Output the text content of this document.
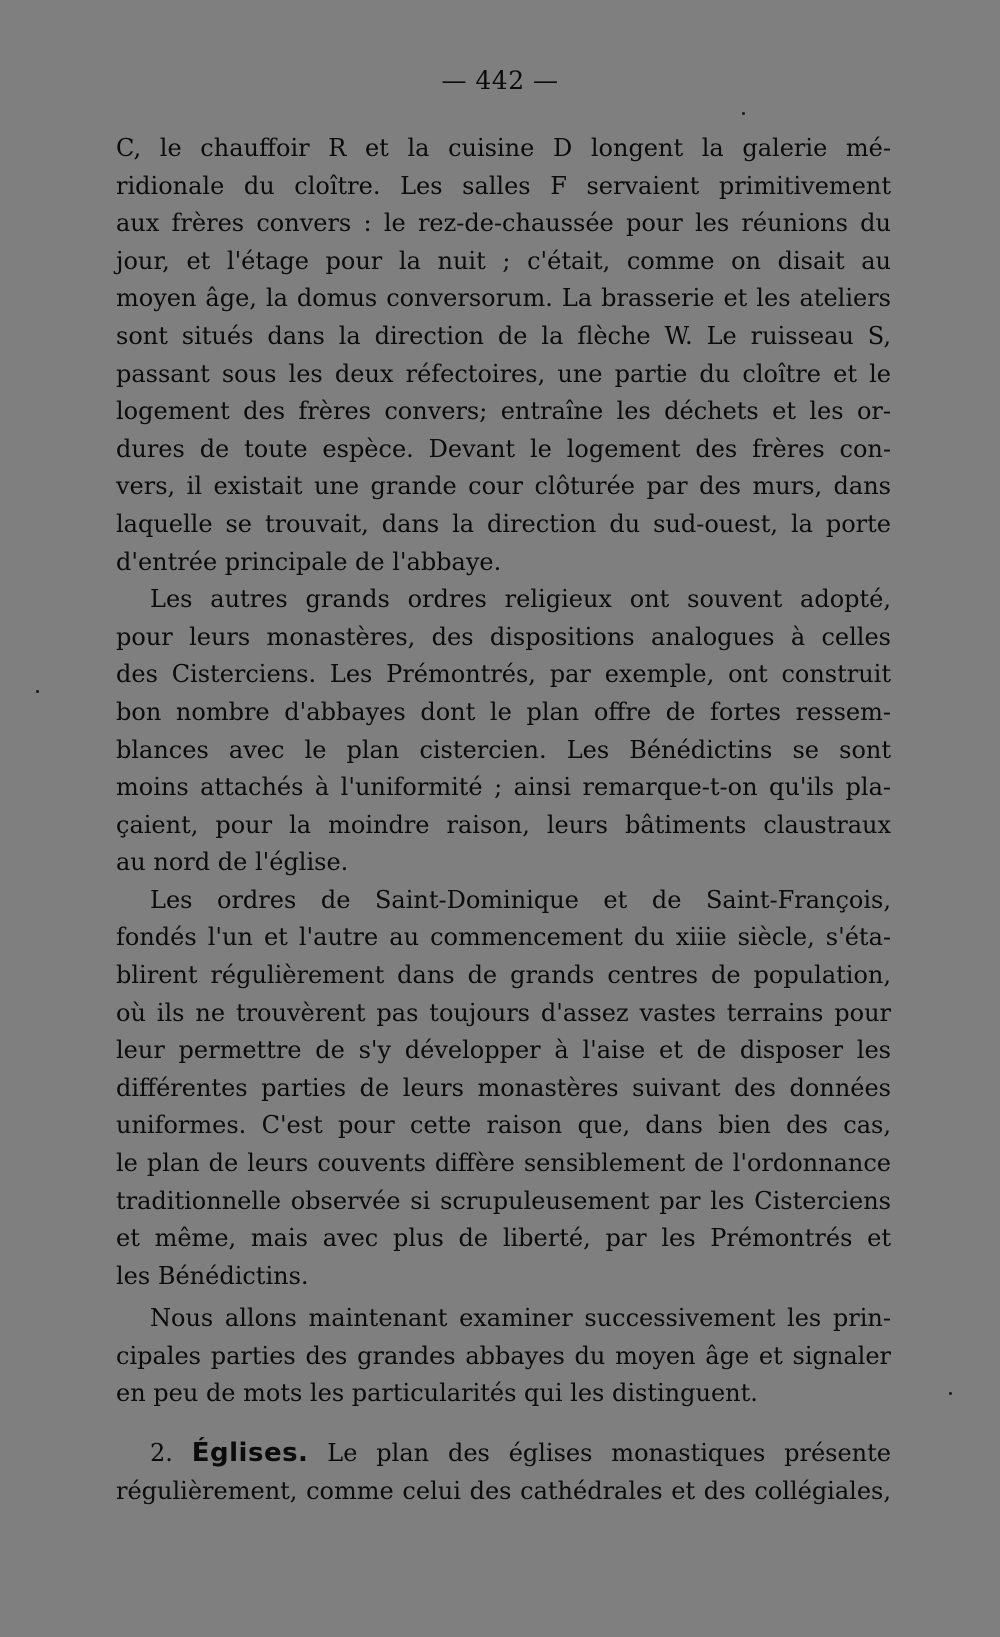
— 442 —
C, le chauffoir R et la cuisine D longent la galerie mé-
ridionale du cloître. Les salles F servaient primitivement
aux frères convers : le rez-de-chaussée pour les réunions du
jour, et l'étage pour la nuit ; c'était, comme on disait au
moyen âge, la domus conversorum. La brasserie et les ateliers
sont situés dans la direction de la flèche W. Le ruisseau S,
passant sous les deux réfectoires, une partie du cloître et le
logement des frères convers; entraîne les déchets et les or-
dures de toute espèce. Devant le logement des frères con-
vers, il existait une grande cour clôturée par des murs, dans
laquelle se trouvait, dans la direction du sud-ouest, la porte
d'entrée principale de l'abbaye.
Les autres grands ordres religieux ont souvent adopté,
pour leurs monastères, des dispositions analogues à celles
des Cisterciens. Les Prémontrés, par exemple, ont construit
bon nombre d'abbayes dont le plan offre de fortes ressem-
blances avec le plan cistercien. Les Bénédictins se sont
moins attachés à l'uniformité ; ainsi remarque-t-on qu'ils pla-
çaient, pour la moindre raison, leurs bâtiments claustraux
au nord de l'église.
Les ordres de Saint-Dominique et de Saint-François,
fondés l'un et l'autre au commencement du xiiie siècle, s'éta-
blirent régulièrement dans de grands centres de population,
où ils ne trouvèrent pas toujours d'assez vastes terrains pour
leur permettre de s'y développer à l'aise et de disposer les
différentes parties de leurs monastères suivant des données
uniformes. C'est pour cette raison que, dans bien des cas,
le plan de leurs couvents diffère sensiblement de l'ordonnance
traditionnelle observée si scrupuleusement par les Cisterciens
et même, mais avec plus de liberté, par les Prémontrés et
les Bénédictins.
Nous allons maintenant examiner successivement les prin-
cipales parties des grandes abbayes du moyen âge et signaler
en peu de mots les particularités qui les distinguent.
2. Églises. Le plan des églises monastiques présente
régulièrement, comme celui des cathédrales et des collégiales,
